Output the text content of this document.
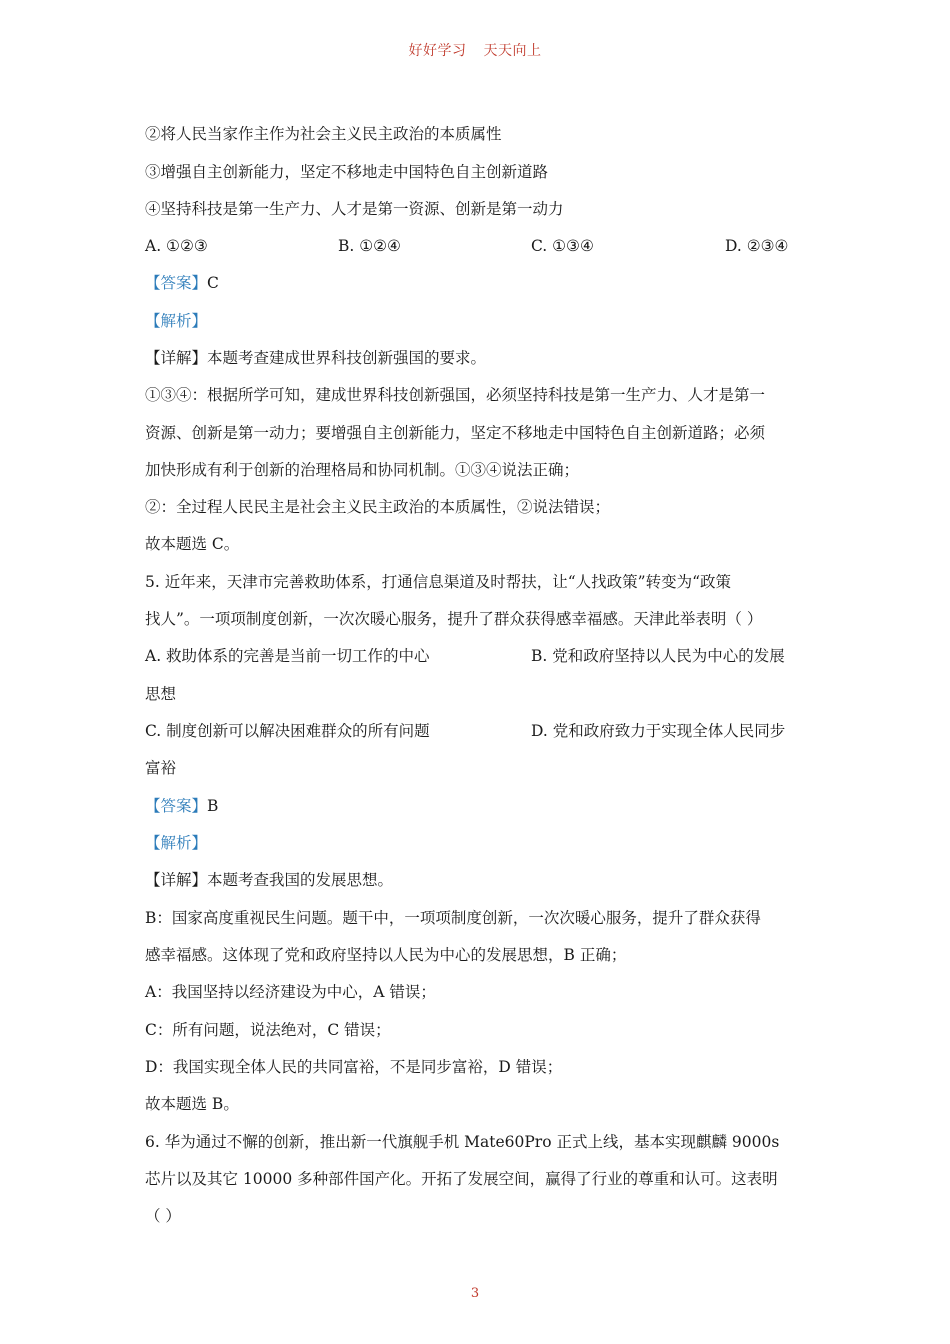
好好学习 天天向上
②将人民当家作主作为社会主义民主政治的本质属性
③增强自主创新能力，坚定不移地走中国特色自主创新道路
④坚持科技是第一生产力、人才是第一资源、创新是第一动力
A. ①②③	B. ①②④	C. ①③④	D. ②③④
【答案】C
【解析】
【详解】本题考查建成世界科技创新强国的要求。
①③④：根据所学可知，建成世界科技创新强国，必须坚持科技是第一生产力、人才是第一
资源、创新是第一动力；要增强自主创新能力，坚定不移地走中国特色自主创新道路；必须
加快形成有利于创新的治理格局和协同机制。①③④说法正确；
②：全过程人民民主是社会主义民主政治的本质属性，②说法错误；
故本题选 C。
5. 近年来，天津市完善救助体系，打通信息渠道及时帮扶，让“人找政策”转变为“政策
找人”。一项项制度创新，一次次暖心服务，提升了群众获得感幸福感。天津此举表明（ ）
A. 救助体系的完善是当前一切工作的中心	B. 党和政府坚持以人民为中心的发展
思想
C. 制度创新可以解决困难群众的所有问题	D. 党和政府致力于实现全体人民同步
富裕
【答案】B
【解析】
【详解】本题考查我国的发展思想。
B：国家高度重视民生问题。题干中，一项项制度创新，一次次暖心服务，提升了群众获得
感幸福感。这体现了党和政府坚持以人民为中心的发展思想，B 正确；
A：我国坚持以经济建设为中心，A 错误；
C：所有问题，说法绝对，C 错误；
D：我国实现全体人民的共同富裕，不是同步富裕，D 错误；
故本题选 B。
6. 华为通过不懈的创新，推出新一代旗舰手机 Mate60Pro 正式上线，基本实现麒麟 9000s
芯片以及其它 10000 多种部件国产化。开拓了发展空间，赢得了行业的尊重和认可。这表明
（ ）
3
